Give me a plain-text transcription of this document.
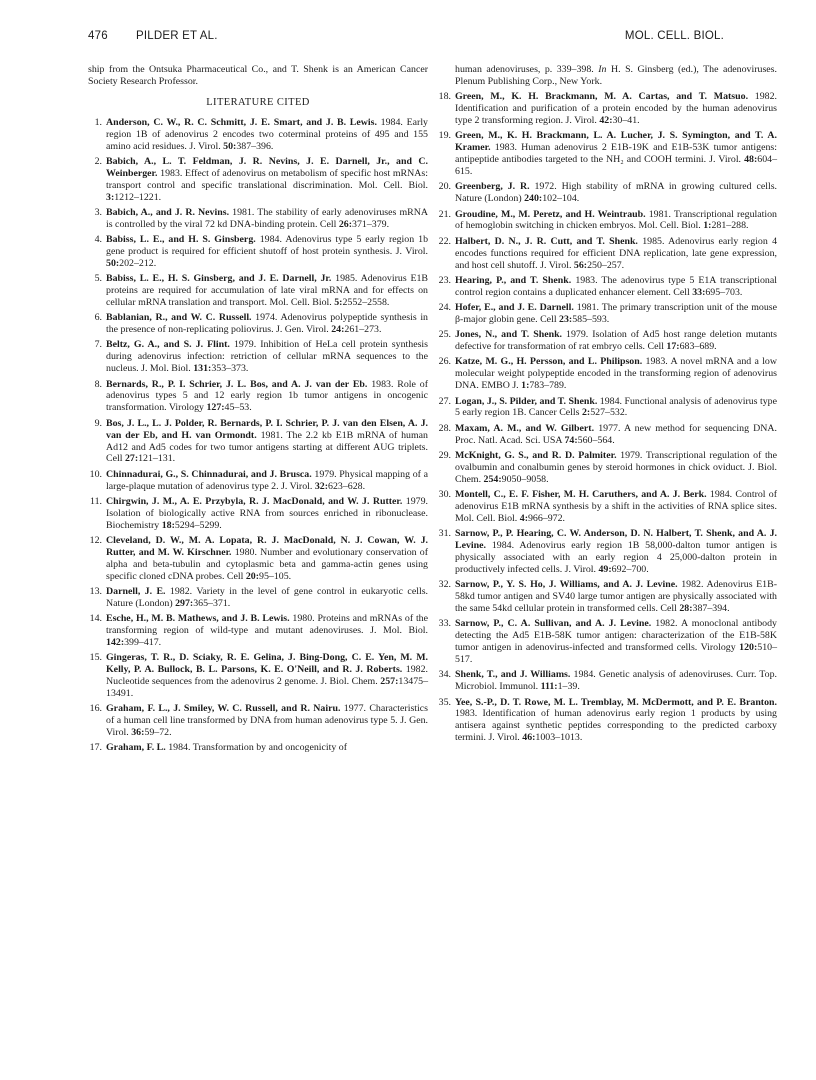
476 PILDER ET AL.	MOL. CELL. BIOL.

ship from the Ontsuka Pharmaceutical Co., and T. Shenk is an American Cancer Society Research Professor.

LITERATURE CITED
1. Anderson, C. W., R. C. Schmitt, J. E. Smart, and J. B. Lewis. 1984. Early region 1B of adenovirus 2 encodes two coterminal proteins of 495 and 155 amino acid residues. J. Virol. 50:387–396.
2. Babich, A., L. T. Feldman, J. R. Nevins, J. E. Darnell, Jr., and C. Weinberger. 1983. Effect of adenovirus on metabolism of specific host mRNAs: transport control and specific translational discrimination. Mol. Cell. Biol. 3:1212–1221.
3. Babich, A., and J. R. Nevins. 1981. The stability of early adenoviruses mRNA is controlled by the viral 72 kd DNA-binding protein. Cell 26:371–379.
4. Babiss, L. E., and H. S. Ginsberg. 1984. Adenovirus type 5 early region 1b gene product is required for efficient shutoff of host protein synthesis. J. Virol. 50:202–212.
5. Babiss, L. E., H. S. Ginsberg, and J. E. Darnell, Jr. 1985. Adenovirus E1B proteins are required for accumulation of late viral mRNA and for effects on cellular mRNA translation and transport. Mol. Cell. Biol. 5:2552–2558.
6. Bablanian, R., and W. C. Russell. 1974. Adenovirus polypeptide synthesis in the presence of non-replicating poliovirus. J. Gen. Virol. 24:261–273.
7. Beltz, G. A., and S. J. Flint. 1979. Inhibition of HeLa cell protein synthesis during adenovirus infection: retriction of cellular mRNA sequences to the nucleus. J. Mol. Biol. 131:353–373.
8. Bernards, R., P. I. Schrier, J. L. Bos, and A. J. van der Eb. 1983. Role of adenovirus types 5 and 12 early region 1b tumor antigens in oncogenic transformation. Virology 127:45–53.
9. Bos, J. L., L. J. Polder, R. Bernards, P. I. Schrier, P. J. van den Elsen, A. J. van der Eb, and H. van Ormondt. 1981. The 2.2 kb E1B mRNA of human Ad12 and Ad5 codes for two tumor antigens starting at different AUG triplets. Cell 27:121–131.
10. Chinnadurai, G., S. Chinnadurai, and J. Brusca. 1979. Physical mapping of a large-plaque mutation of adenovirus type 2. J. Virol. 32:623–628.
11. Chirgwin, J. M., A. E. Przybyla, R. J. MacDonald, and W. J. Rutter. 1979. Isolation of biologically active RNA from sources enriched in ribonuclease. Biochemistry 18:5294–5299.
12. Cleveland, D. W., M. A. Lopata, R. J. MacDonald, N. J. Cowan, W. J. Rutter, and M. W. Kirschner. 1980. Number and evolutionary conservation of alpha and beta-tubulin and cytoplasmic beta and gamma-actin genes using specific cloned cDNA probes. Cell 20:95–105.
13. Darnell, J. E. 1982. Variety in the level of gene control in eukaryotic cells. Nature (London) 297:365–371.
14. Esche, H., M. B. Mathews, and J. B. Lewis. 1980. Proteins and mRNAs of the transforming region of wild-type and mutant adenoviruses. J. Mol. Biol. 142:399–417.
15. Gingeras, T. R., D. Sciaky, R. E. Gelina, J. Bing-Dong, C. E. Yen, M. M. Kelly, P. A. Bullock, B. L. Parsons, K. E. O'Neill, and R. J. Roberts. 1982. Nucleotide sequences from the adenovirus 2 genome. J. Biol. Chem. 257:13475–13491.
16. Graham, F. L., J. Smiley, W. C. Russell, and R. Nairu. 1977. Characteristics of a human cell line transformed by DNA from human adenovirus type 5. J. Gen. Virol. 36:59–72.
17. Graham, F. L. 1984. Transformation by and oncogenicity of
human adenoviruses, p. 339–398. In H. S. Ginsberg (ed.), The adenoviruses. Plenum Publishing Corp., New York.
18. Green, M., K. H. Brackmann, M. A. Cartas, and T. Matsuo. 1982. Identification and purification of a protein encoded by the human adenovirus type 2 transforming region. J. Virol. 42:30–41.
19. Green, M., K. H. Brackmann, L. A. Lucher, J. S. Symington, and T. A. Kramer. 1983. Human adenovirus 2 E1B-19K and E1B-53K tumor antigens: antipeptide antibodies targeted to the NH₂ and COOH termini. J. Virol. 48:604–615.
20. Greenberg, J. R. 1972. High stability of mRNA in growing cultured cells. Nature (London) 240:102–104.
21. Groudine, M., M. Peretz, and H. Weintraub. 1981. Transcriptional regulation of hemoglobin switching in chicken embryos. Mol. Cell. Biol. 1:281–288.
22. Halbert, D. N., J. R. Cutt, and T. Shenk. 1985. Adenovirus early region 4 encodes functions required for efficient DNA replication, late gene expression, and host cell shutoff. J. Virol. 56:250–257.
23. Hearing, P., and T. Shenk. 1983. The adenovirus type 5 E1A transcriptional control region contains a duplicated enhancer element. Cell 33:695–703.
24. Hofer, E., and J. E. Darnell. 1981. The primary transcription unit of the mouse β-major globin gene. Cell 23:585–593.
25. Jones, N., and T. Shenk. 1979. Isolation of Ad5 host range deletion mutants defective for transformation of rat embryo cells. Cell 17:683–689.
26. Katze, M. G., H. Persson, and L. Philipson. 1983. A novel mRNA and a low molecular weight polypeptide encoded in the transforming region of adenovirus DNA. EMBO J. 1:783–789.
27. Logan, J., S. Pilder, and T. Shenk. 1984. Functional analysis of adenovirus type 5 early region 1B. Cancer Cells 2:527–532.
28. Maxam, A. M., and W. Gilbert. 1977. A new method for sequencing DNA. Proc. Natl. Acad. Sci. USA 74:560–564.
29. McKnight, G. S., and R. D. Palmiter. 1979. Transcriptional regulation of the ovalbumin and conalbumin genes by steroid hormones in chick oviduct. J. Biol. Chem. 254:9050–9058.
30. Montell, C., E. F. Fisher, M. H. Caruthers, and A. J. Berk. 1984. Control of adenovirus E1B mRNA synthesis by a shift in the activities of RNA splice sites. Mol. Cell. Biol. 4:966–972.
31. Sarnow, P., P. Hearing, C. W. Anderson, D. N. Halbert, T. Shenk, and A. J. Levine. 1984. Adenovirus early region 1B 58,000-dalton tumor antigen is physically associated with an early region 4 25,000-dalton protein in productively infected cells. J. Virol. 49:692–700.
32. Sarnow, P., Y. S. Ho, J. Williams, and A. J. Levine. 1982. Adenovirus E1B-58kd tumor antigen and SV40 large tumor antigen are physically associated with the same 54kd cellular protein in transformed cells. Cell 28:387–394.
33. Sarnow, P., C. A. Sullivan, and A. J. Levine. 1982. A monoclonal antibody detecting the Ad5 E1B-58K tumor antigen: characterization of the E1B-58K tumor antigen in adenovirus-infected and transformed cells. Virology 120:510–517.
34. Shenk, T., and J. Williams. 1984. Genetic analysis of adenoviruses. Curr. Top. Microbiol. Immunol. 111:1–39.
35. Yee, S.-P., D. T. Rowe, M. L. Tremblay, M. McDermott, and P. E. Branton. 1983. Identification of human adenovirus early region 1 products by using antisera against synthetic peptides corresponding to the predicted carboxy termini. J. Virol. 46:1003–1013.
